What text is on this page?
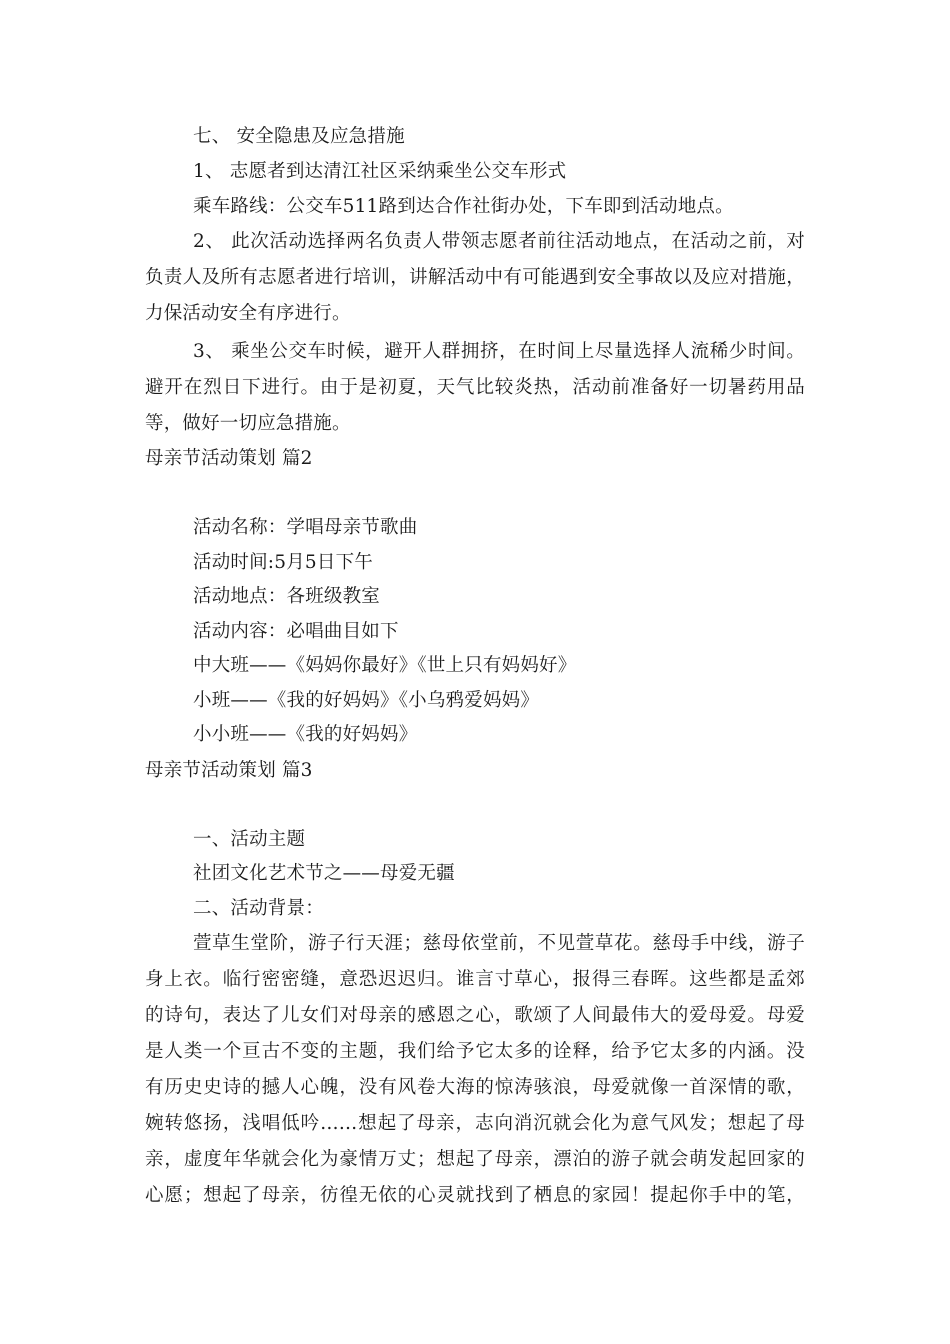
七、 安全隐患及应急措施
1、 志愿者到达清江社区采纳乘坐公交车形式
乘车路线：公交车511路到达合作社街办处，下车即到活动地点。
2、 此次活动选择两名负责人带领志愿者前往活动地点，在活动之前，对
负责人及所有志愿者进行培训，讲解活动中有可能遇到安全事故以及应对措施，
力保活动安全有序进行。
3、 乘坐公交车时候，避开人群拥挤，在时间上尽量选择人流稀少时间。
避开在烈日下进行。由于是初夏，天气比较炎热，活动前准备好一切暑药用品
等，做好一切应急措施。
母亲节活动策划 篇2
活动名称：学唱母亲节歌曲
活动时间:5月5日下午
活动地点：各班级教室
活动内容：必唱曲目如下
中大班——《妈妈你最好》《世上只有妈妈好》
小班——《我的好妈妈》《小乌鸦爱妈妈》
小小班——《我的好妈妈》
母亲节活动策划 篇3
一、活动主题
社团文化艺术节之——母爱无疆
二、活动背景：
萱草生堂阶，游子行天涯；慈母依堂前，不见萱草花。慈母手中线，游子
身上衣。临行密密缝，意恐迟迟归。谁言寸草心，报得三春晖。这些都是孟郊
的诗句，表达了儿女们对母亲的感恩之心，歌颂了人间最伟大的爱母爱。母爱
是人类一个亘古不变的主题，我们给予它太多的诠释，给予它太多的内涵。没
有历史史诗的撼人心魄，没有风卷大海的惊涛骇浪，母爱就像一首深情的歌，
婉转悠扬，浅唱低吟……想起了母亲，志向消沉就会化为意气风发；想起了母
亲，虚度年华就会化为豪情万丈；想起了母亲，漂泊的游子就会萌发起回家的
心愿；想起了母亲，彷徨无依的心灵就找到了栖息的家园！提起你手中的笔，
